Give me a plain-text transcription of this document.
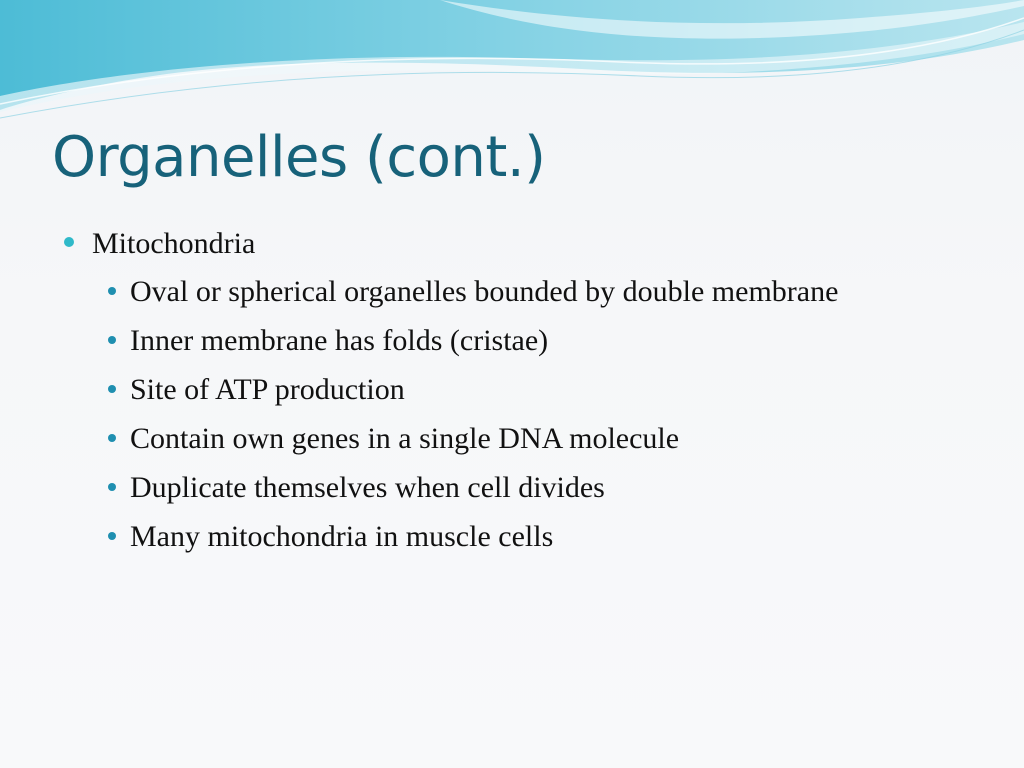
Organelles (cont.)
Mitochondria
Oval or spherical organelles bounded by double membrane
Inner membrane has folds (cristae)
Site of ATP production
Contain own genes in a single DNA molecule
Duplicate themselves when cell divides
Many mitochondria in muscle cells
